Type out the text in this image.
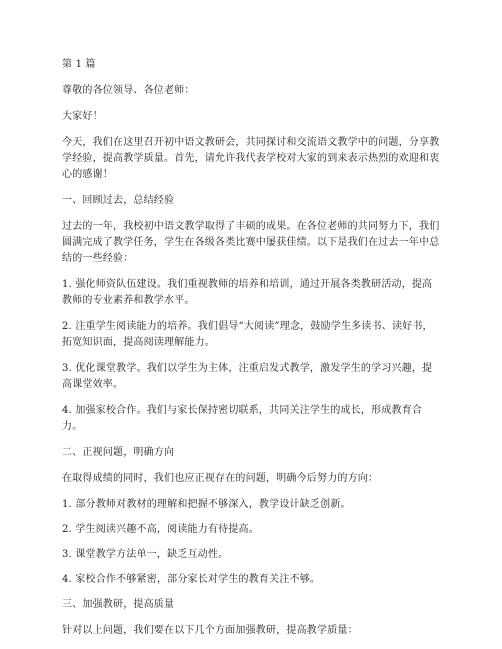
第 1 篇

尊敬的各位领导、各位老师：

大家好！

今天，我们在这里召开初中语文教研会，共同探讨和交流语文教学中的问题，分享教学经验，提高教学质量。首先，请允许我代表学校对大家的到来表示热烈的欢迎和衷心的感谢！

一、回顾过去，总结经验

过去的一年，我校初中语文教学取得了丰硕的成果。在各位老师的共同努力下，我们圆满完成了教学任务，学生在各级各类比赛中屡获佳绩。以下是我们在过去一年中总结的一些经验：

1. 强化师资队伍建设。我们重视教师的培养和培训，通过开展各类教研活动，提高教师的专业素养和教学水平。

2. 注重学生阅读能力的培养。我们倡导“大阅读”理念，鼓励学生多读书、读好书，拓宽知识面，提高阅读理解能力。

3. 优化课堂教学。我们以学生为主体，注重启发式教学，激发学生的学习兴趣，提高课堂效率。

4. 加强家校合作。我们与家长保持密切联系，共同关注学生的成长，形成教育合力。

二、正视问题，明确方向

在取得成绩的同时，我们也应正视存在的问题，明确今后努力的方向：

1. 部分教师对教材的理解和把握不够深入，教学设计缺乏创新。

2. 学生阅读兴趣不高，阅读能力有待提高。

3. 课堂教学方法单一，缺乏互动性。

4. 家校合作不够紧密，部分家长对学生的教育关注不够。

三、加强教研，提高质量

针对以上问题，我们要在以下几个方面加强教研，提高教学质量：
